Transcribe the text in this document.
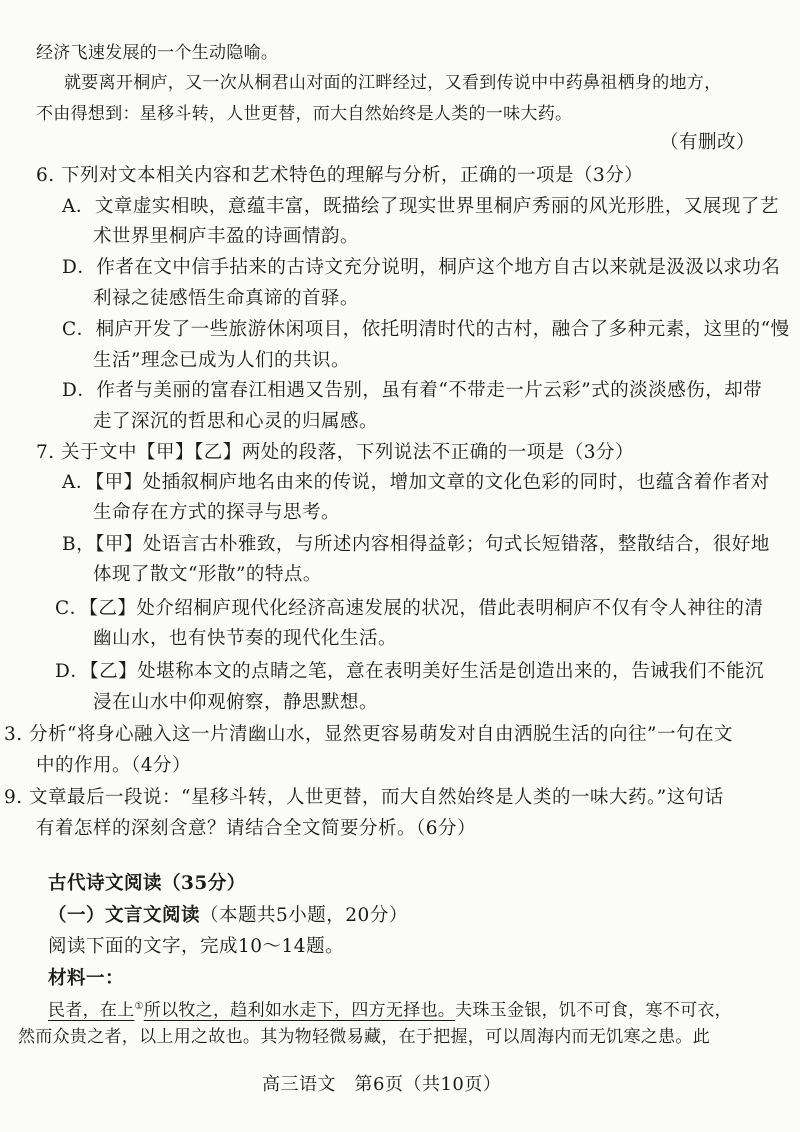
经济飞速发展的一个生动隐喻。
就要离开桐庐，又一次从桐君山对面的江畔经过，又看到传说中中药鼻祖栖身的地方，
不由得想到：星移斗转，人世更替，而大自然始终是人类的一味大药。
（有删改）
6. 下列对文本相关内容和艺术特色的理解与分析，正确的一项是（3分）
A．文章虚实相映，意蕴丰富，既描绘了现实世界里桐庐秀丽的风光形胜，又展现了艺
术世界里桐庐丰盈的诗画情韵。
D．作者在文中信手拈来的古诗文充分说明，桐庐这个地方自古以来就是汲汲以求功名
利禄之徒感悟生命真谛的首驿。
C．桐庐开发了一些旅游休闲项目，依托明清时代的古村，融合了多种元素，这里的“慢
生活”理念已成为人们的共识。
D．作者与美丽的富春江相遇又告别，虽有着“不带走一片云彩”式的淡淡感伤，却带
走了深沉的哲思和心灵的归属感。
7. 关于文中【甲】【乙】两处的段落，下列说法不正确的一项是（3分）
A．【甲】处插叙桐庐地名由来的传说，增加文章的文化色彩的同时，也蕴含着作者对
生命存在方式的探寻与思考。
B，【甲】处语言古朴雅致，与所述内容相得益彰；句式长短错落，整散结合，很好地
体现了散文“形散”的特点。
C．【乙】处介绍桐庐现代化经济高速发展的状况，借此表明桐庐不仅有令人神往的清
幽山水，也有快节奏的现代化生活。
D．【乙】处堪称本文的点睛之笔，意在表明美好生活是创造出来的，告诫我们不能沉
浸在山水中仰观俯察，静思默想。
3. 分析“将身心融入这一片清幽山水，显然更容易萌发对自由洒脱生活的向往”一句在文
中的作用。（4分）
9. 文章最后一段说：“星移斗转，人世更替，而大自然始终是人类的一味大药。”这句话
有着怎样的深刻含意？请结合全文简要分析。（6分）
古代诗文阅读（35分）
（一）文言文阅读（本题共5小题，20分）
阅读下面的文字，完成10～14题。
材料一：
民者，在上①所以牧之，趋利如水走下，四方无择也。夫珠玉金银，饥不可食，寒不可衣，
然而众贵之者，以上用之故也。其为物轻微易藏，在于把握，可以周海内而无饥寒之患。此
高三语文　第6页（共10页）
